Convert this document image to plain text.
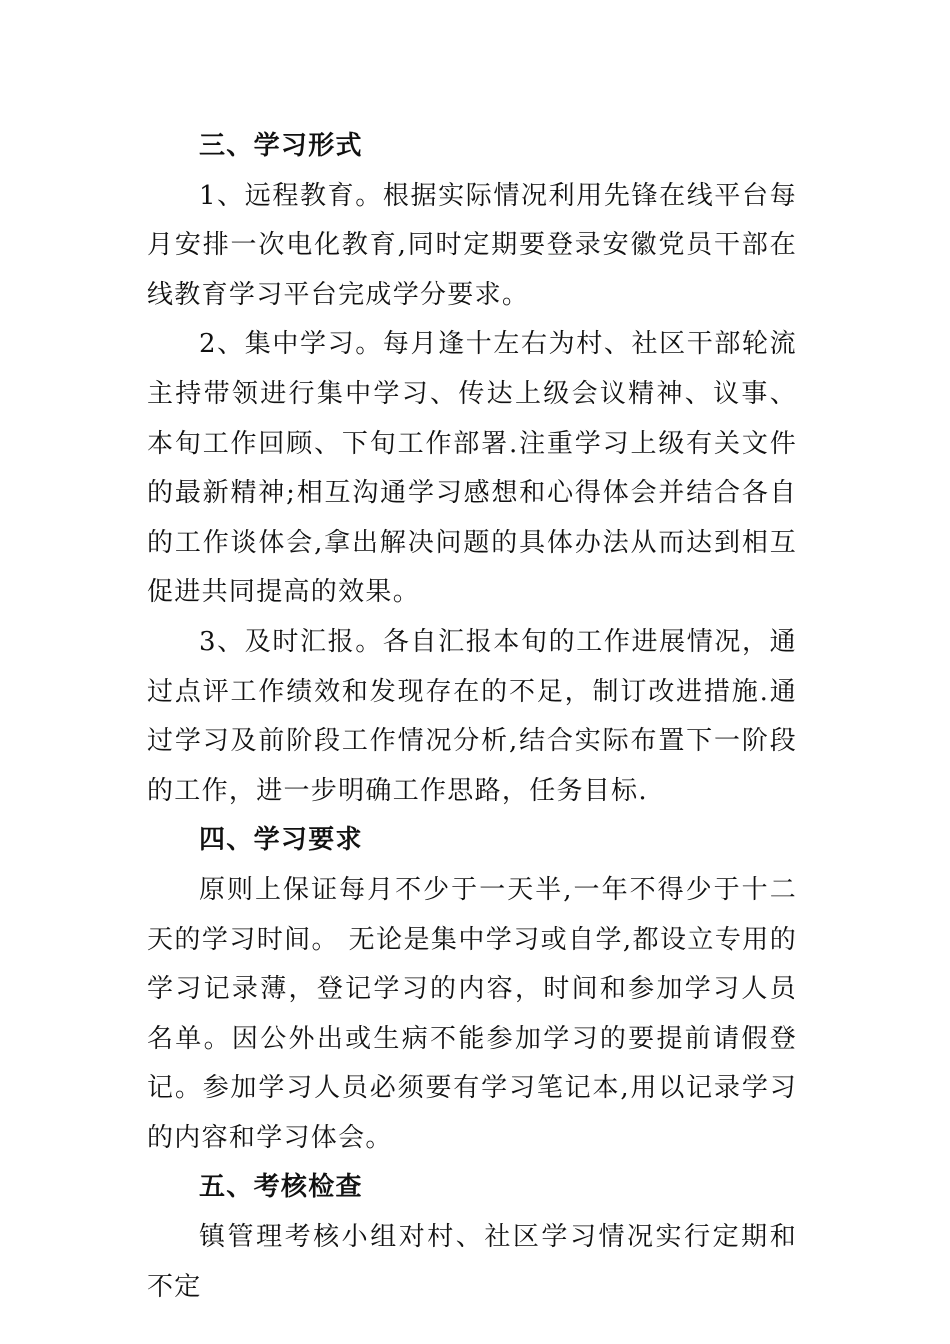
三、学习形式

1、远程教育。根据实际情况利用先锋在线平台每月安排一次电化教育,同时定期要登录安徽党员干部在线教育学习平台完成学分要求。

2、集中学习。每月逢十左右为村、社区干部轮流主持带领进行集中学习、传达上级会议精神、议事、本旬工作回顾、下旬工作部署.注重学习上级有关文件的最新精神;相互沟通学习感想和心得体会并结合各自的工作谈体会,拿出解决问题的具体办法从而达到相互促进共同提高的效果。

3、及时汇报。各自汇报本旬的工作进展情况，通过点评工作绩效和发现存在的不足，制订改进措施.通过学习及前阶段工作情况分析,结合实际布置下一阶段的工作，进一步明确工作思路，任务目标.

四、学习要求

原则上保证每月不少于一天半,一年不得少于十二天的学习时间。 无论是集中学习或自学,都设立专用的学习记录薄，登记学习的内容，时间和参加学习人员名单。因公外出或生病不能参加学习的要提前请假登记。参加学习人员必须要有学习笔记本,用以记录学习的内容和学习体会。

五、考核检查

镇管理考核小组对村、社区学习情况实行定期和不定
